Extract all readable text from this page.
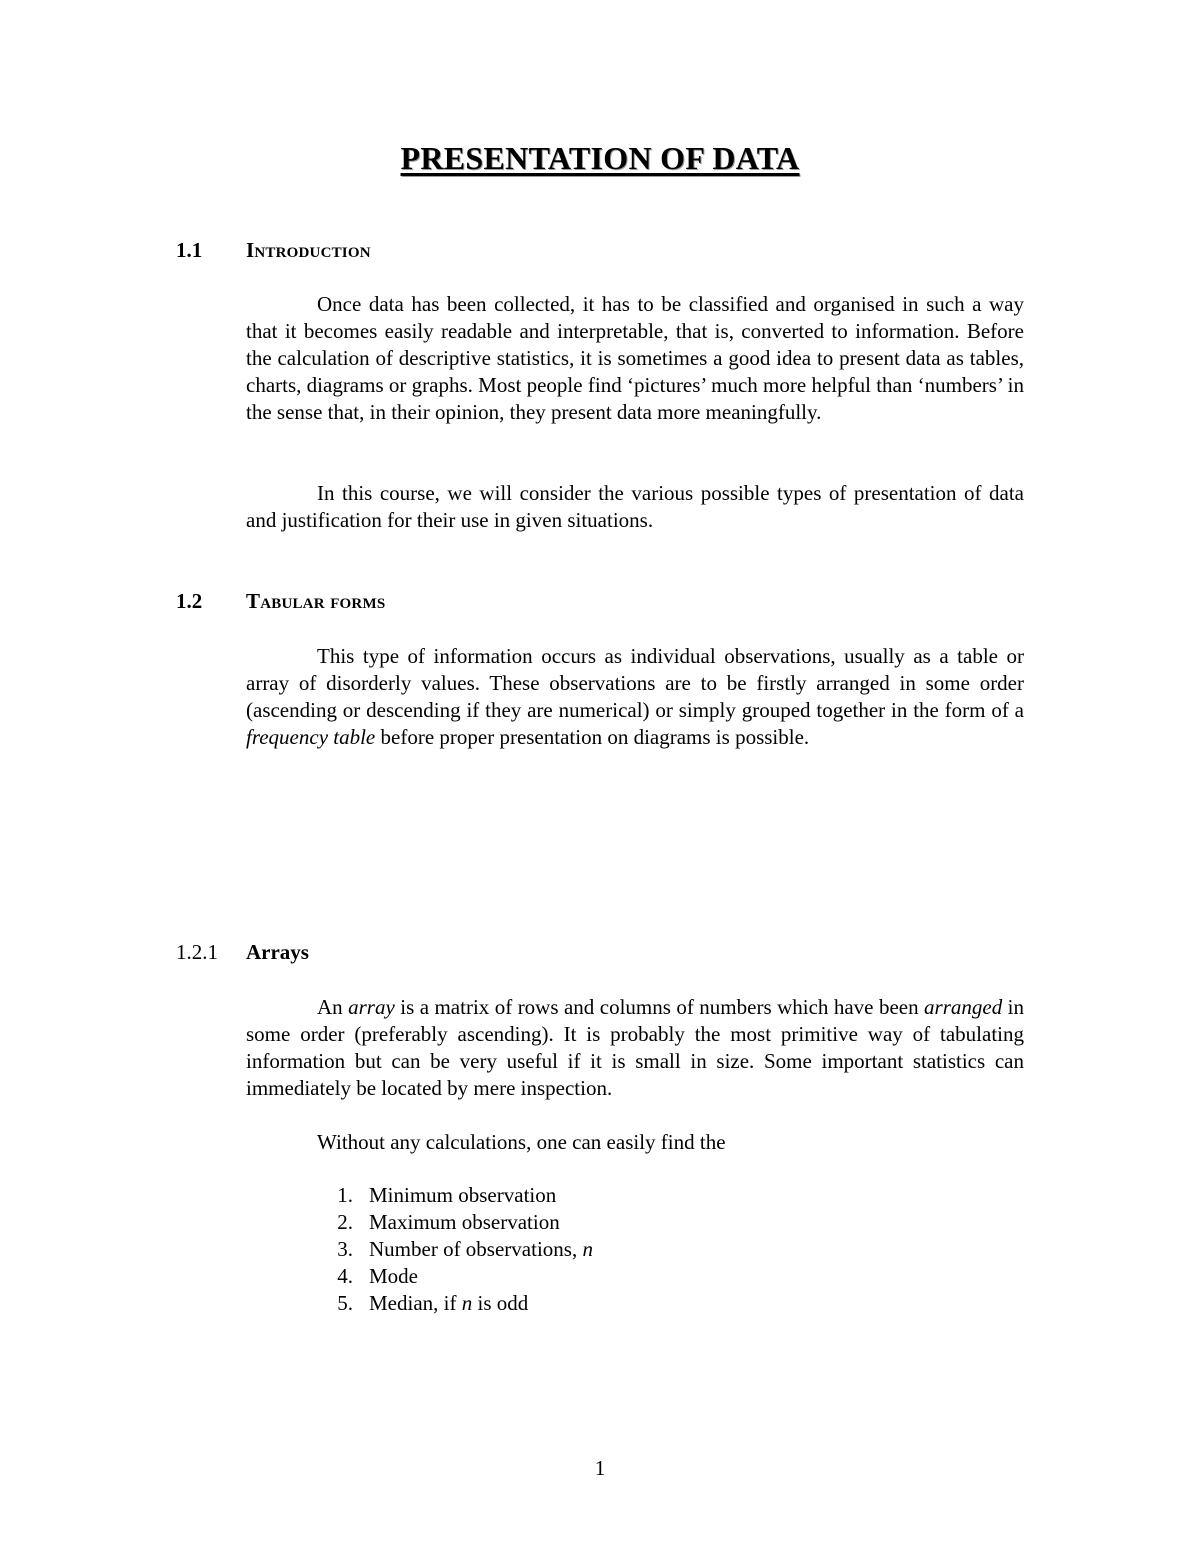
PRESENTATION OF DATA
1.1 Introduction

Once data has been collected, it has to be classified and organised in such a way that it becomes easily readable and interpretable, that is, converted to information. Before the calculation of descriptive statistics, it is sometimes a good idea to present data as tables, charts, diagrams or graphs. Most people find ‘pictures’ much more helpful than ‘numbers’ in the sense that, in their opinion, they present data more meaningfully.

In this course, we will consider the various possible types of presentation of data and justification for their use in given situations.

1.2 Tabular forms

This type of information occurs as individual observations, usually as a table or array of disorderly values. These observations are to be firstly arranged in some order (ascending or descending if they are numerical) or simply grouped together in the form of a frequency table before proper presentation on diagrams is possible.

1.2.1 Arrays

An array is a matrix of rows and columns of numbers which have been arranged in some order (preferably ascending). It is probably the most primitive way of tabulating information but can be very useful if it is small in size. Some important statistics can immediately be located by mere inspection.

Without any calculations, one can easily find the

1. Minimum observation
2. Maximum observation
3. Number of observations, n
4. Mode
5. Median, if n is odd

1
